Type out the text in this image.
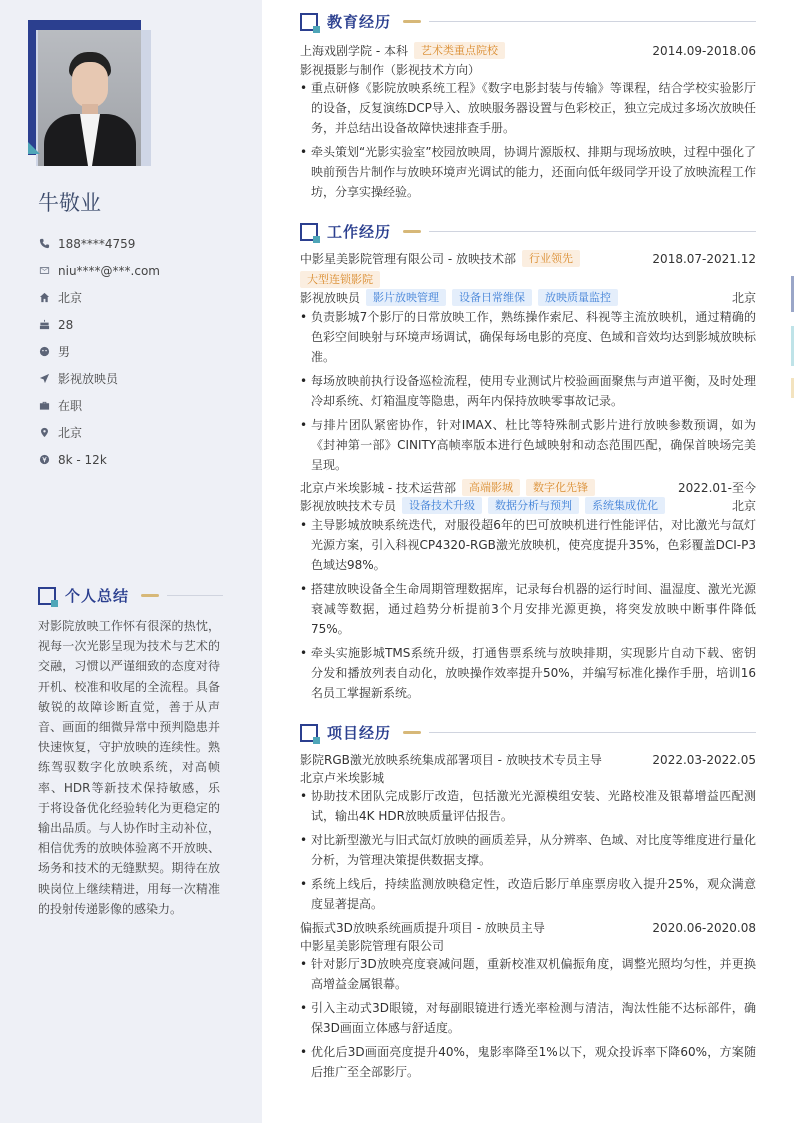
牛敬业
188****4759
niu****@***.com
北京
28
男
影视放映员
在职
北京
8k - 12k
个人总结
对影院放映工作怀有很深的热忱，视每一次光影呈现为技术与艺术的交融，习惯以严谨细致的态度对待开机、校准和收尾的全流程。具备敏锐的故障诊断直觉，善于从声音、画面的细微异常中预判隐患并快速恢复，守护放映的连续性。熟练驾驭数字化放映系统，对高帧率、HDR等新技术保持敏感，乐于将设备优化经验转化为更稳定的输出品质。与人协作时主动补位，相信优秀的放映体验离不开放映、场务和技术的无缝默契。期待在放映岗位上继续精进，用每一次精准的投射传递影像的感染力。
教育经历
上海戏剧学院 - 本科	艺术类重点院校	2014.09-2018.06
影视摄影与制作（影视技术方向）
• 重点研修《影院放映系统工程》《数字电影封装与传输》等课程，结合学校实验影厅的设备，反复演练DCP导入、放映服务器设置与色彩校正，独立完成过多场次放映任务，并总结出设备故障快速排查手册。
• 牵头策划“光影实验室”校园放映周，协调片源版权、排期与现场放映，过程中强化了映前预告片制作与放映环境声光调试的能力，还面向低年级同学开设了放映流程工作坊，分享实操经验。
工作经历
中影星美影院管理有限公司 - 放映技术部	行业领先	2018.07-2021.12
大型连锁影院
影视放映员	影片放映管理	设备日常维保	放映质量监控	北京
• 负责影城7个影厅的日常放映工作，熟练操作索尼、科视等主流放映机，通过精确的色彩空间映射与环境声场调试，确保每场电影的亮度、色域和音效均达到影城放映标准。
• 每场放映前执行设备巡检流程，使用专业测试片校验画面聚焦与声道平衡，及时处理冷却系统、灯箱温度等隐患，两年内保持放映零事故记录。
• 与排片团队紧密协作，针对IMAX、杜比等特殊制式影片进行放映参数预调，如为《封神第一部》CINITY高帧率版本进行色域映射和动态范围匹配，确保首映场完美呈现。
北京卢米埃影城 - 技术运营部	高端影城	数字化先锋	2022.01-至今
影视放映技术专员	设备技术升级	数据分析与预判	系统集成优化	北京
• 主导影城放映系统迭代，对服役超6年的巴可放映机进行性能评估，对比激光与氙灯光源方案，引入科视CP4320-RGB激光放映机，使亮度提升35%，色彩覆盖DCI-P3色域达98%。
• 搭建放映设备全生命周期管理数据库，记录每台机器的运行时间、温湿度、激光光源衰减等数据，通过趋势分析提前3个月安排光源更换，将突发放映中断事件降低75%。
• 牵头实施影城TMS系统升级，打通售票系统与放映排期，实现影片自动下载、密钥分发和播放列表自动化，放映操作效率提升50%，并编写标准化操作手册，培训16名员工掌握新系统。
项目经历
影院RGB激光放映系统集成部署项目 - 放映技术专员主导	2022.03-2022.05
北京卢米埃影城
• 协助技术团队完成影厅改造，包括激光光源模组安装、光路校准及银幕增益匹配测试，输出4K HDR放映质量评估报告。
• 对比新型激光与旧式氙灯放映的画质差异，从分辨率、色域、对比度等维度进行量化分析，为管理决策提供数据支撑。
• 系统上线后，持续监测放映稳定性，改造后影厅单座票房收入提升25%，观众满意度显著提高。
偏振式3D放映系统画质提升项目 - 放映员主导	2020.06-2020.08
中影星美影院管理有限公司
• 针对影厅3D放映亮度衰减问题，重新校准双机偏振角度，调整光照均匀性，并更换高增益金属银幕。
• 引入主动式3D眼镜，对每副眼镜进行透光率检测与清洁，淘汰性能不达标部件，确保3D画面立体感与舒适度。
• 优化后3D画面亮度提升40%，鬼影率降至1%以下，观众投诉率下降60%，方案随后推广至全部影厅。
